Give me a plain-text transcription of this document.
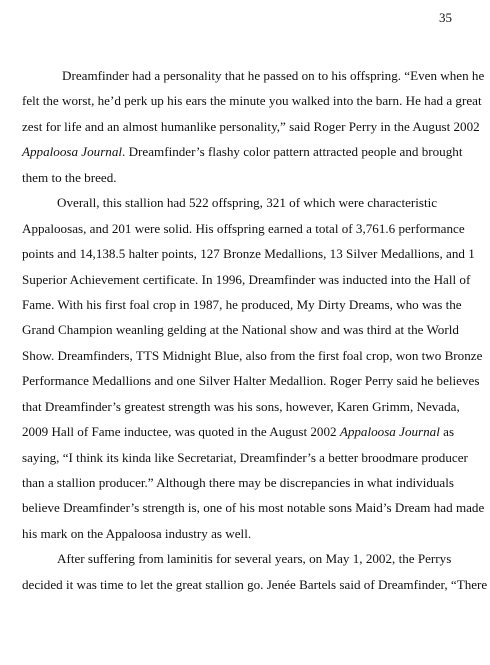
35
Dreamfinder had a personality that he passed on to his offspring. “Even when he
felt the worst, he’d perk up his ears the minute you walked into the barn. He had a great
zest for life and an almost humanlike personality,” said Roger Perry in the August 2002
Appaloosa Journal. Dreamfinder’s flashy color pattern attracted people and brought
them to the breed.
Overall, this stallion had 522 offspring, 321 of which were characteristic
Appaloosas, and 201 were solid. His offspring earned a total of 3,761.6 performance
points and 14,138.5 halter points, 127 Bronze Medallions, 13 Silver Medallions, and 1
Superior Achievement certificate. In 1996, Dreamfinder was inducted into the Hall of
Fame. With his first foal crop in 1987, he produced, My Dirty Dreams, who was the
Grand Champion weanling gelding at the National show and was third at the World
Show. Dreamfinders, TTS Midnight Blue, also from the first foal crop, won two Bronze
Performance Medallions and one Silver Halter Medallion. Roger Perry said he believes
that Dreamfinder’s greatest strength was his sons, however, Karen Grimm, Nevada,
2009 Hall of Fame inductee, was quoted in the August 2002 Appaloosa Journal as
saying, “I think its kinda like Secretariat, Dreamfinder’s a better broodmare producer
than a stallion producer.” Although there may be discrepancies in what individuals
believe Dreamfinder’s strength is, one of his most notable sons Maid’s Dream had made
his mark on the Appaloosa industry as well.
After suffering from laminitis for several years, on May 1, 2002, the Perrys
decided it was time to let the great stallion go. Jenée Bartels said of Dreamfinder, “There
